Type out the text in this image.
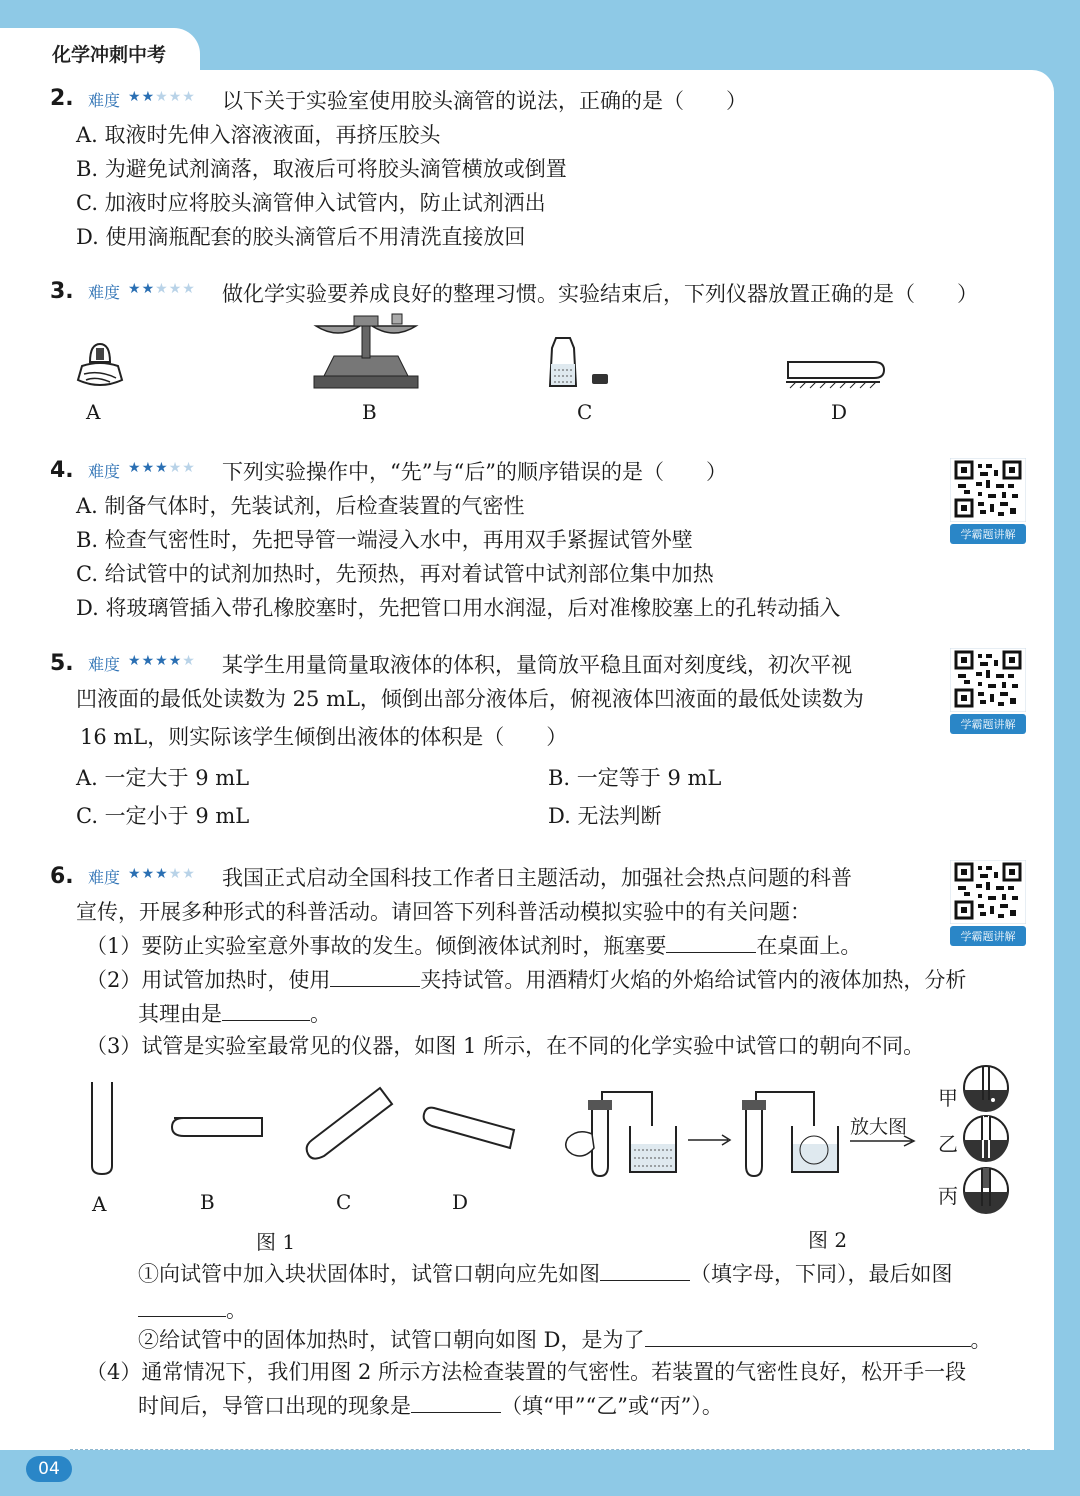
化学冲刺中考
2. 难度 ★★★★★ 以下关于实验室使用胶头滴管的说法，正确的是（　　）
A. 取液时先伸入溶液液面，再挤压胶头
B. 为避免试剂滴落，取液后可将胶头滴管横放或倒置
C. 加液时应将胶头滴管伸入试管内，防止试剂洒出
D. 使用滴瓶配套的胶头滴管后不用清洗直接放回
3. 难度 ★★★★★ 做化学实验要养成良好的整理习惯。实验结束后，下列仪器放置正确的是（　　）
A	B	C	D
4. 难度 ★★★★★ 下列实验操作中，“先”与“后”的顺序错误的是（　　）
A. 制备气体时，先装试剂，后检查装置的气密性
B. 检查气密性时，先把导管一端浸入水中，再用双手紧握试管外壁
C. 给试管中的试剂加热时，先预热，再对着试管中试剂部位集中加热
D. 将玻璃管插入带孔橡胶塞时，先把管口用水润湿，后对准橡胶塞上的孔转动插入
学霸题讲解
5. 难度 ★★★★★ 某学生用量筒量取液体的体积，量筒放平稳且面对刻度线，初次平视
凹液面的最低处读数为 25 mL，倾倒出部分液体后，俯视液体凹液面的最低处读数为
16 mL，则实际该学生倾倒出液体的体积是（　　）
A. 一定大于 9 mL	B. 一定等于 9 mL
C. 一定小于 9 mL	D. 无法判断
学霸题讲解
6. 难度 ★★★★★ 我国正式启动全国科技工作者日主题活动，加强社会热点问题的科普
宣传，开展多种形式的科普活动。请回答下列科普活动模拟实验中的有关问题：
学霸题讲解
（1）要防止实验室意外事故的发生。倾倒液体试剂时，瓶塞要	在桌面上。
（2）用试管加热时，使用	夹持试管。用酒精灯火焰的外焰给试管内的液体加热，分析
其理由是	。
（3）试管是实验室最常见的仪器，如图 1 所示，在不同的化学实验中试管口的朝向不同。
A	B	C	D
图 1
放大图
甲
乙
丙
图 2
①向试管中加入块状固体时，试管口朝向应先如图	（填字母，下同），最后如图
。
②给试管中的固体加热时，试管口朝向如图 D，是为了	。
（4）通常情况下，我们用图 2 所示方法检查装置的气密性。若装置的气密性良好，松开手一段
时间后，导管口出现的现象是	（填“甲”“乙”或“丙”）。
04
